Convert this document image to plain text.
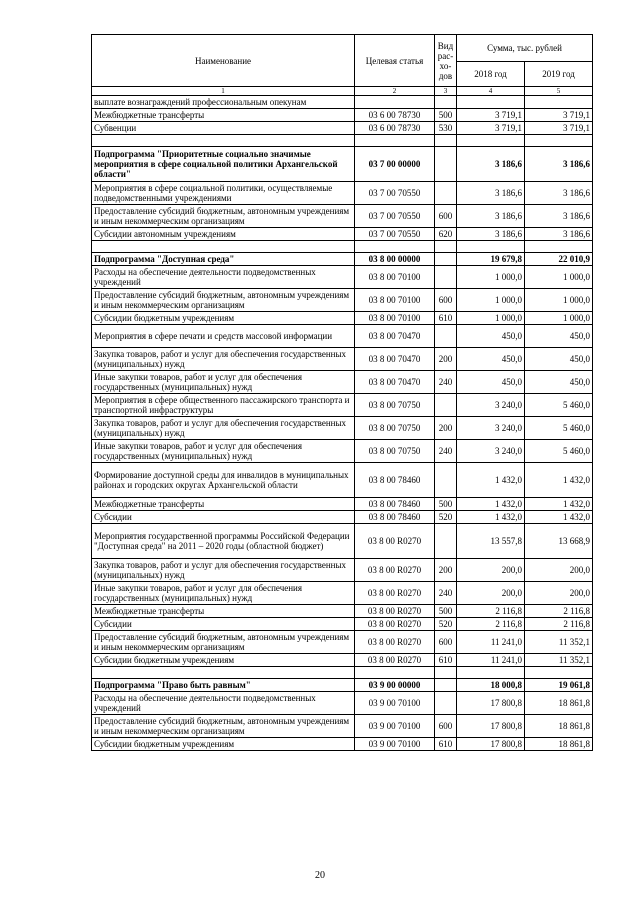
Наименование	Целевая статья	Вид рас- хо- дов	Сумма, тыс. рублей	
			2018 год	2019 год
1	2	3	4	5
выплате вознаграждений профессиональным опекунам				
Межбюджетные трансферты	03 6 00 78730	500	3 719,1	3 719,1
Субвенции	03 6 00 78730	530	3 719,1	3 719,1

Подпрограмма "Приоритетные социально значимые мероприятия в сфере социальной политики Архангельской области"	03 7 00 00000		3 186,6	3 186,6
Мероприятия в сфере социальной политики, осуществляемые подведомственными учреждениями	03 7 00 70550		3 186,6	3 186,6
Предоставление субсидий бюджетным, автономным учреждениям и иным некоммерческим организациям	03 7 00 70550	600	3 186,6	3 186,6
Субсидии автономным учреждениям	03 7 00 70550	620	3 186,6	3 186,6

Подпрограмма "Доступная среда"	03 8 00 00000		19 679,8	22 010,9
Расходы на обеспечение деятельности подведомственных учреждений	03 8 00 70100		1 000,0	1 000,0
Предоставление субсидий бюджетным, автономным учреждениям и иным некоммерческим организациям	03 8 00 70100	600	1 000,0	1 000,0
Субсидии бюджетным учреждениям	03 8 00 70100	610	1 000,0	1 000,0
Мероприятия в сфере печати и средств массовой информации	03 8 00 70470		450,0	450,0
Закупка товаров, работ и услуг для обеспечения государственных (муниципальных) нужд	03 8 00 70470	200	450,0	450,0
Иные закупки товаров, работ и услуг для обеспечения государственных (муниципальных) нужд	03 8 00 70470	240	450,0	450,0
Мероприятия в сфере общественного пассажирского транспорта и транспортной инфраструктуры	03 8 00 70750		3 240,0	5 460,0
Закупка товаров, работ и услуг для обеспечения государственных (муниципальных) нужд	03 8 00 70750	200	3 240,0	5 460,0
Иные закупки товаров, работ и услуг для обеспечения государственных (муниципальных) нужд	03 8 00 70750	240	3 240,0	5 460,0
Формирование доступной среды для инвалидов в муниципальных районах и городских округах Архангельской области	03 8 00 78460		1 432,0	1 432,0
Межбюджетные трансферты	03 8 00 78460	500	1 432,0	1 432,0
Субсидии	03 8 00 78460	520	1 432,0	1 432,0
Мероприятия государственной программы Российской Федерации "Доступная среда" на 2011 – 2020 годы (областной бюджет)	03 8 00 R0270		13 557,8	13 668,9
Закупка товаров, работ и услуг для обеспечения государственных (муниципальных) нужд	03 8 00 R0270	200	200,0	200,0
Иные закупки товаров, работ и услуг для обеспечения государственных (муниципальных) нужд	03 8 00 R0270	240	200,0	200,0
Межбюджетные трансферты	03 8 00 R0270	500	2 116,8	2 116,8
Субсидии	03 8 00 R0270	520	2 116,8	2 116,8
Предоставление субсидий бюджетным, автономным учреждениям и иным некоммерческим организациям	03 8 00 R0270	600	11 241,0	11 352,1
Субсидии бюджетным учреждениям	03 8 00 R0270	610	11 241,0	11 352,1

Подпрограмма "Право быть равным"	03 9 00 00000		18 000,8	19 061,8
Расходы на обеспечение деятельности подведомственных учреждений	03 9 00 70100		17 800,8	18 861,8
Предоставление субсидий бюджетным, автономным учреждениям и иным некоммерческим организациям	03 9 00 70100	600	17 800,8	18 861,8
Субсидии бюджетным учреждениям	03 9 00 70100	610	17 800,8	18 861,8
20
